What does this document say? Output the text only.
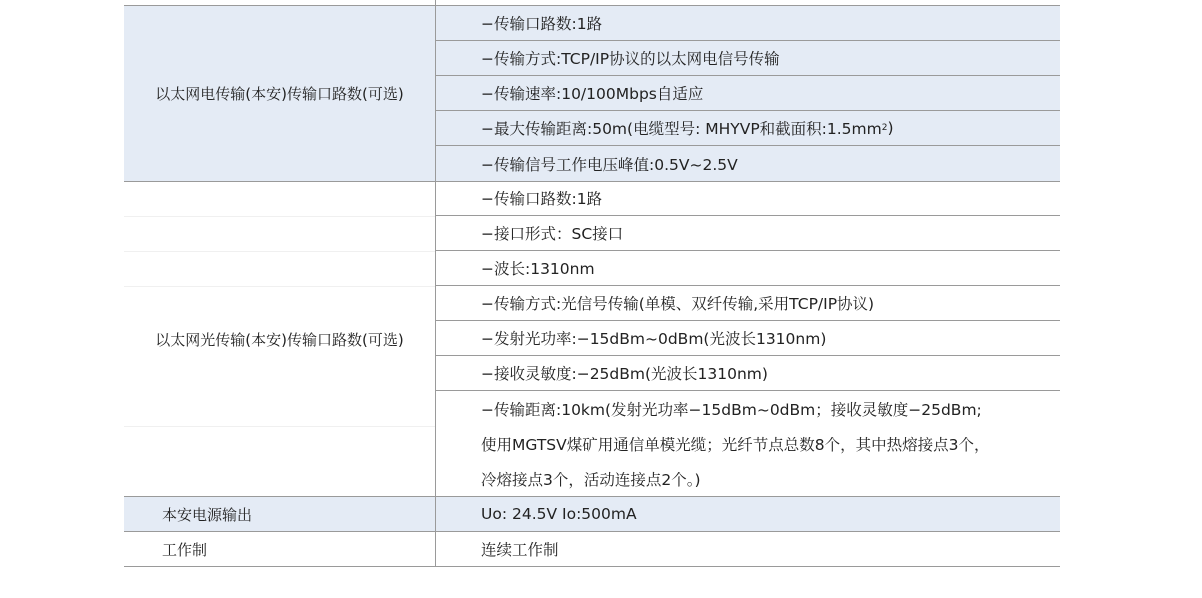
以太网电传输(本安)传输口路数(可选)
−传输口路数:1路
−传输方式:TCP/IP协议的以太网电信号传输
−传输速率:10/100Mbps自适应
−最大传输距离:50m(电缆型号: MHYVP和截面积:1.5mm 2 )
−传输信号工作电压峰值:0.5V~2.5V
以太网光传输(本安)传输口路数(可选)
−传输口路数:1路
−接口形式：SC接口
−波长:1310nm
−传输方式:光信号传输(单模、双纤传输,采用TCP/IP协议)
−发射光功率:−15dBm~0dBm(光波长1310nm)
−接收灵敏度:−25dBm(光波长1310nm)
−传输距离:10km(发射光功率−15dBm~0dBm；接收灵敏度−25dBm;
使用MGTSV煤矿用通信单模光缆；光纤节点总数8个，其中热熔接点3个，
冷熔接点3个，活动连接点2个。)
本安电源输出	Uo: 24.5V Io:500mA
工作制	连续工作制
